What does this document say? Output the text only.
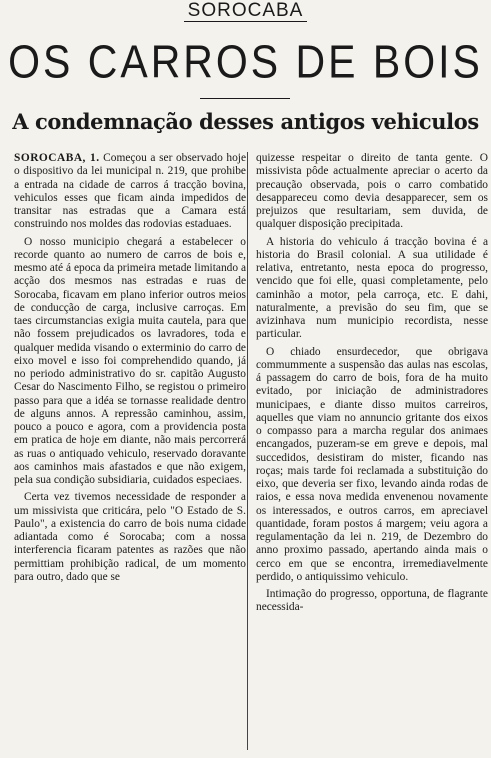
SOROCABA
OS CARROS DE BOIS
A condemnação desses antigos vehiculos

SOROCABA, 1. Começou a ser observado hoje o dispositivo da lei municipal n. 219, que prohibe a entrada na cidade de carros á tracção bovina, vehiculos esses que ficam ainda impedidos de transitar nas estradas que a Camara está construindo nos moldes das rodovias estaduaes.

O nosso municipio chegará a estabelecer o recorde quanto ao numero de carros de bois e, mesmo até á epoca da primeira metade limitando a acção dos mesmos nas estradas e ruas de Sorocaba, ficavam em plano inferior outros meios de conducção de carga, inclusive carroças. Em taes circumstancias exigia muita cautela, para que não fossem prejudicados os lavradores, toda e qualquer medida visando o exterminio do carro de eixo movel e isso foi comprehendido quando, já no periodo administrativo do sr. capitão Augusto Cesar do Nascimento Filho, se registou o primeiro passo para que a idéa se tornasse realidade dentro de alguns annos. A repressão caminhou, assim, pouco a pouco e agora, com a providencia posta em pratica de hoje em diante, não mais percorrerá as ruas o antiquado vehiculo, reservado doravante aos caminhos mais afastados e que não exigem, pela sua condição subsidiaria, cuidados especiaes.

Certa vez tivemos necessidade de responder a um missivista que criticára, pelo "O Estado de S. Paulo", a existencia do carro de bois numa cidade adiantada como é Sorocaba; com a nossa interferencia ficaram patentes as razões que não permittiam prohibição radical, de um momento para outro, dado que se

quizesse respeitar o direito de tanta gente. O missivista pôde actualmente apreciar o acerto da precaução observada, pois o carro combatido desappareceu como devia desapparecer, sem os prejuizos que resultariam, sem duvida, de qualquer disposição precipitada.

A historia do vehiculo á tracção bovina é a historia do Brasil colonial. A sua utilidade é relativa, entretanto, nesta epoca do progresso, vencido que foi elle, quasi completamente, pelo caminhão a motor, pela carroça, etc. E dahi, naturalmente, a previsão do seu fim, que se avizinhava num municipio recordista, nesse particular.

O chiado ensurdecedor, que obrigava commummente a suspensão das aulas nas escolas, á passagem do carro de bois, fora de ha muito evitado, por iniciação de administradores municipaes, e diante disso muitos carreiros, aquelles que viam no annuncio gritante dos eixos o compasso para a marcha regular dos animaes encangados, puzeram-se em greve e depois, mal succedidos, desistiram do mister, ficando nas roças; mais tarde foi reclamada a substituição do eixo, que deveria ser fixo, levando ainda rodas de raios, e essa nova medida envenenou novamente os interessados, e outros carros, em apreciavel quantidade, foram postos á margem; veiu agora a regulamentação da lei n. 219, de Dezembro do anno proximo passado, apertando ainda mais o cerco em que se encontra, irremediavelmente perdido, o antiquissimo vehiculo.

Intimação do progresso, opportuna, de flagrante necessida-
